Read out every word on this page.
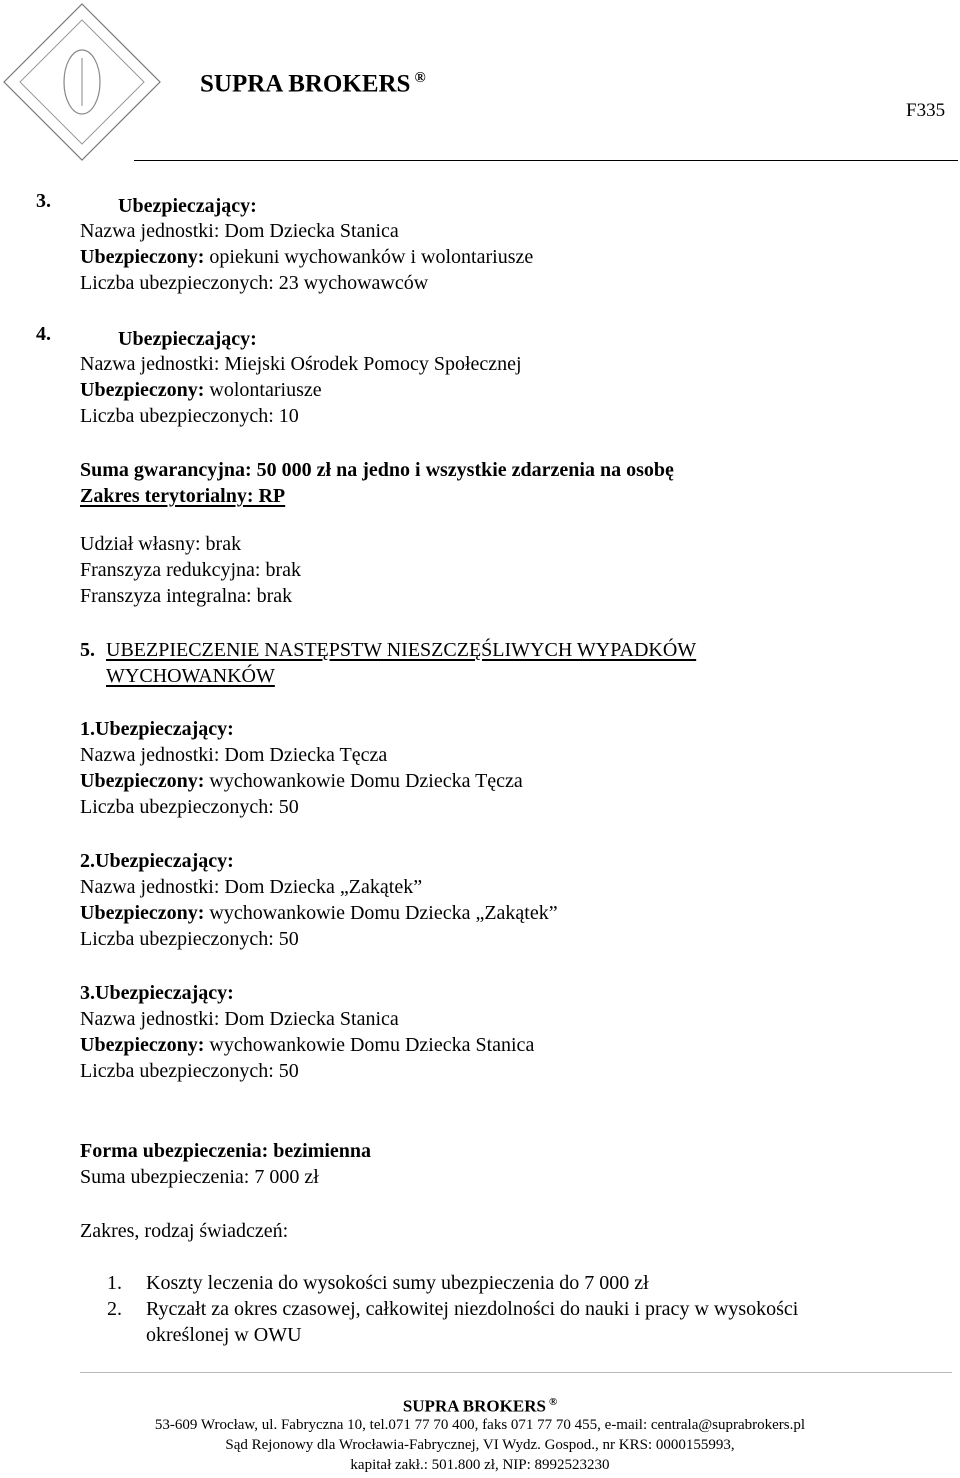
SUPRA BROKERS ®
F335
3.	Ubezpieczający:
Nazwa jednostki: Dom Dziecka Stanica
Ubezpieczony: opiekuni wychowanków i wolontariusze
Liczba ubezpieczonych: 23 wychowawców
4.	Ubezpieczający:
Nazwa jednostki: Miejski Ośrodek Pomocy Społecznej
Ubezpieczony: wolontariusze
Liczba ubezpieczonych: 10
Suma gwarancyjna: 50 000 zł na jedno i wszystkie zdarzenia na osobę
Zakres terytorialny: RP
Udział własny: brak
Franszyza redukcyjna: brak
Franszyza integralna: brak
5. UBEZPIECZENIE NASTĘPSTW NIESZCZĘŚLIWYCH WYPADKÓW
WYCHOWANKÓW
1.Ubezpieczający:
Nazwa jednostki: Dom Dziecka Tęcza
Ubezpieczony: wychowankowie Domu Dziecka Tęcza
Liczba ubezpieczonych: 50
2.Ubezpieczający:
Nazwa jednostki: Dom Dziecka „Zakątek”
Ubezpieczony: wychowankowie Domu Dziecka „Zakątek”
Liczba ubezpieczonych: 50
3.Ubezpieczający:
Nazwa jednostki: Dom Dziecka Stanica
Ubezpieczony: wychowankowie Domu Dziecka Stanica
Liczba ubezpieczonych: 50
Forma ubezpieczenia: bezimienna
Suma ubezpieczenia: 7 000 zł
Zakres, rodzaj świadczeń:
1. Koszty leczenia do wysokości sumy ubezpieczenia do 7 000 zł
2. Ryczałt za okres czasowej, całkowitej niezdolności do nauki i pracy w wysokości
określonej w OWU
SUPRA BROKERS ®
53-609 Wrocław, ul. Fabryczna 10, tel.071 77 70 400, faks 071 77 70 455, e-mail: centrala@suprabrokers.pl
Sąd Rejonowy dla Wrocławia-Fabrycznej, VI Wydz. Gospod., nr KRS: 0000155993,
kapitał zakł.: 501.800 zł, NIP: 8992523230
